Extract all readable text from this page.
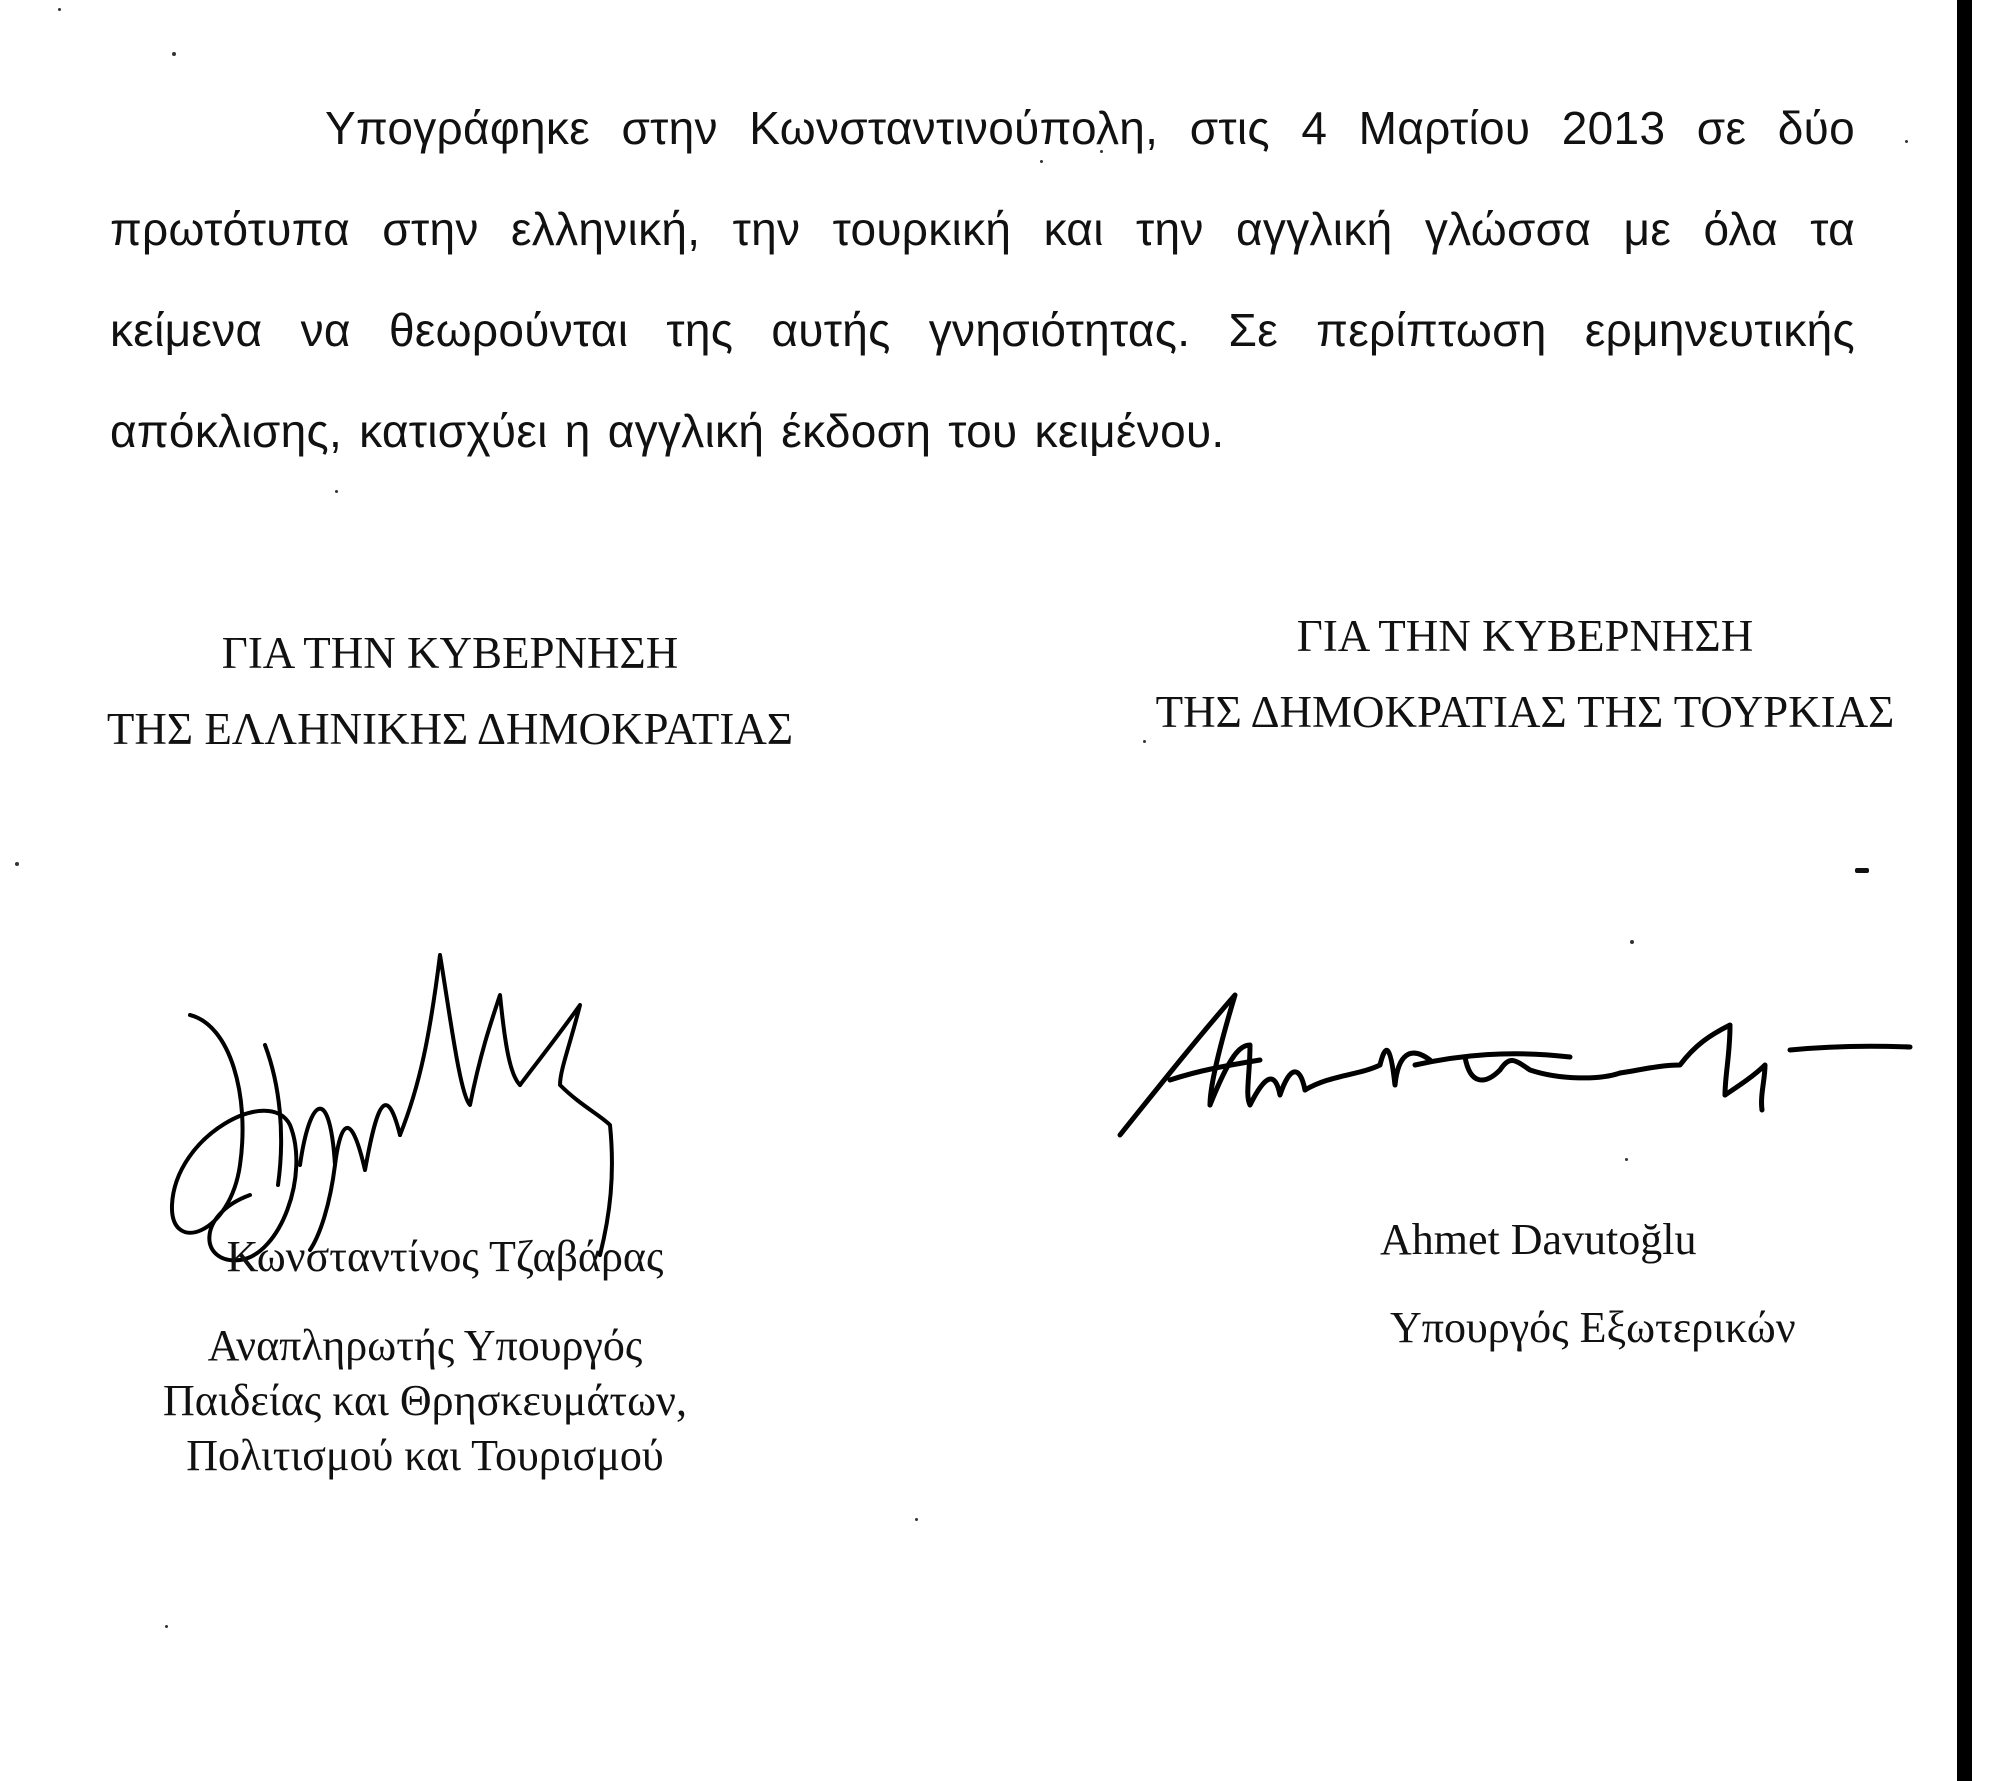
Υπογράφηκε στην Κωνσταντινούπολη, στις 4 Μαρτίου 2013 σε δύο πρωτότυπα στην ελληνική, την τουρκική και την αγγλική γλώσσα με όλα τα κείμενα να θεωρούνται της αυτής γνησιότητας. Σε περίπτωση ερμηνευτικής απόκλισης, κατισχύει η αγγλική έκδοση του κειμένου.
ΓΙΑ ΤΗΝ ΚΥΒΕΡΝΗΣΗ
ΤΗΣ ΕΛΛΗΝΙΚΗΣ ΔΗΜΟΚΡΑΤΙΑΣ
Κωνσταντίνος Τζαβάρας
Αναπληρωτής Υπουργός
Παιδείας και Θρησκευμάτων,
Πολιτισμού και Τουρισμού
ΓΙΑ ΤΗΝ ΚΥΒΕΡΝΗΣΗ
ΤΗΣ ΔΗΜΟΚΡΑΤΙΑΣ ΤΗΣ ΤΟΥΡΚΙΑΣ
Ahmet Davutoğlu
Υπουργός Εξωτερικών
